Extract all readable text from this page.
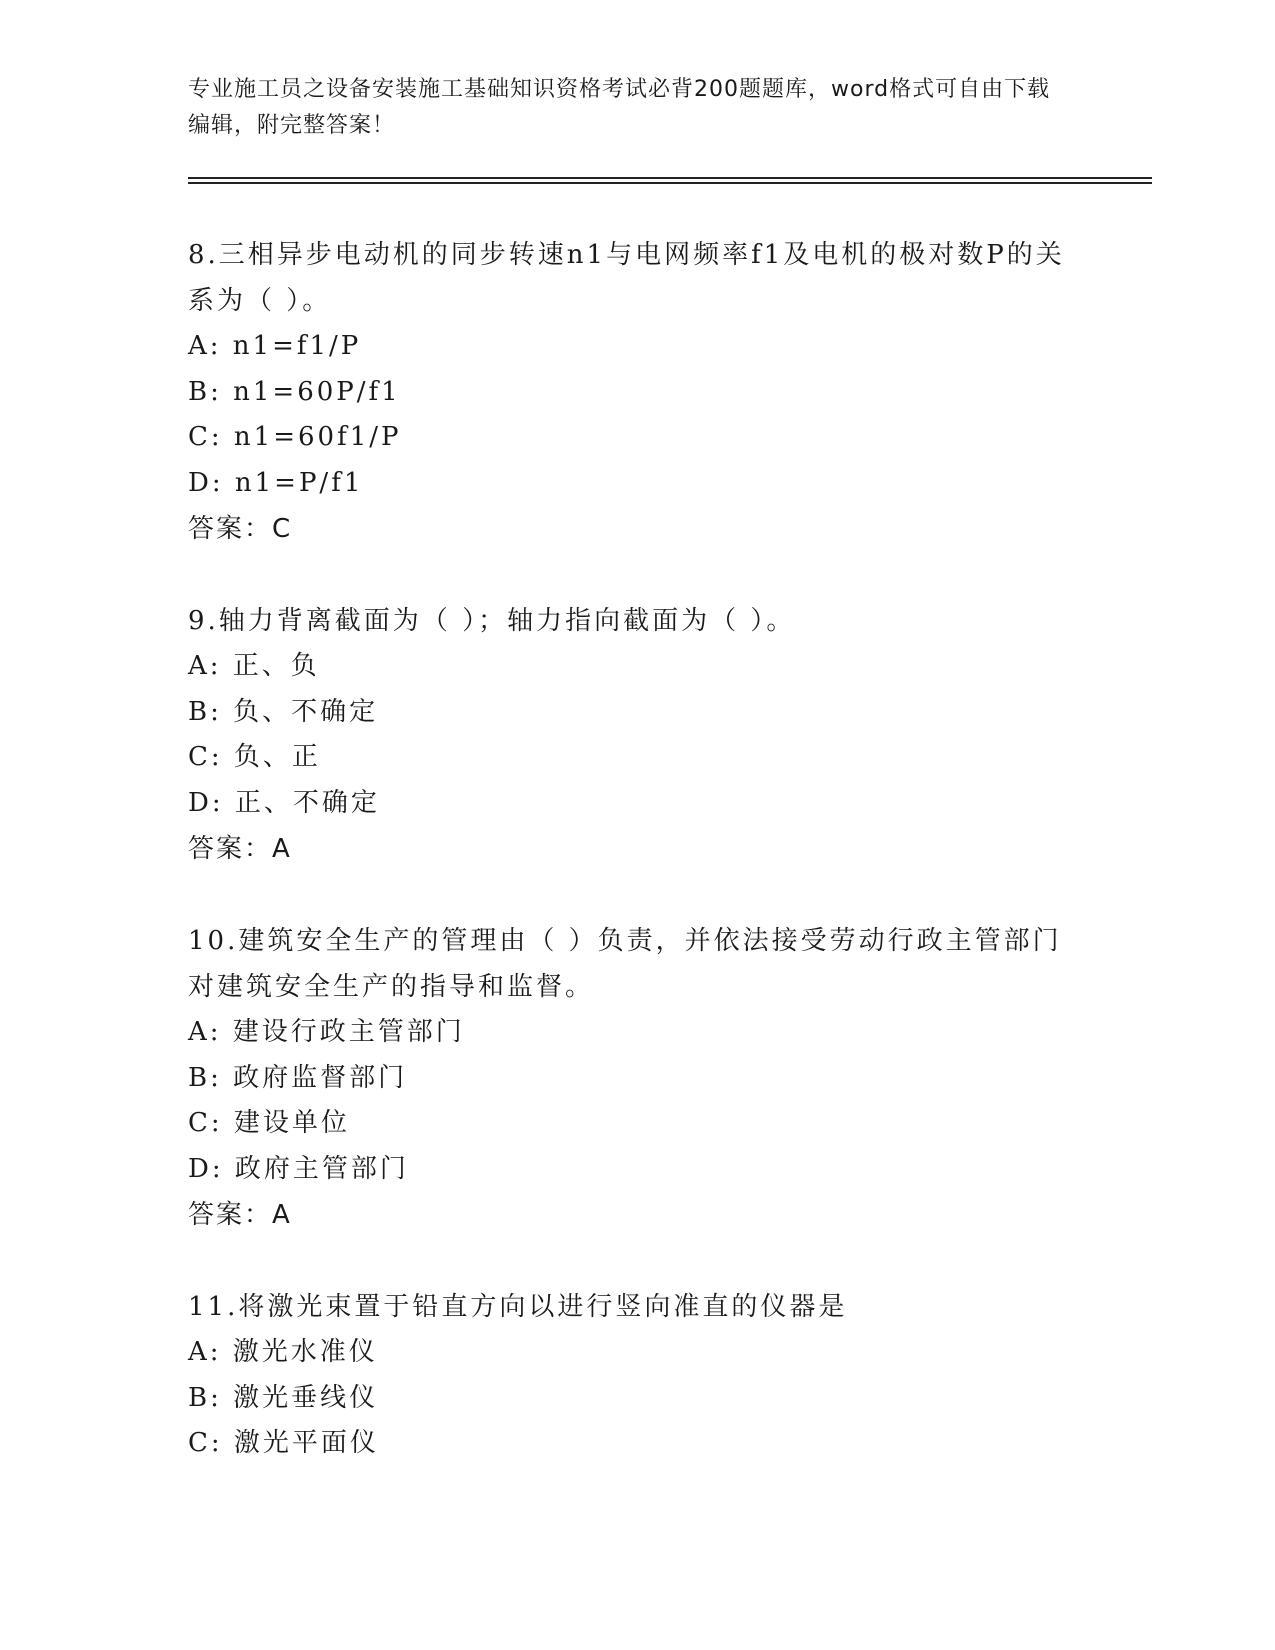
专业施工员之设备安装施工基础知识资格考试必背200题题库，word格式可自由下载编辑，附完整答案！

8.三相异步电动机的同步转速n1与电网频率f1及电机的极对数P的关系为（ ）。

A: n1=f1/P

B: n1=60P/f1

C: n1=60f1/P

D: n1=P/f1

答案：C

9.轴力背离截面为（ ）；轴力指向截面为（ ）。

A: 正、负

B: 负、不确定

C: 负、正

D: 正、不确定

答案：A

10.建筑安全生产的管理由（ ）负责，并依法接受劳动行政主管部门对建筑安全生产的指导和监督。

A: 建设行政主管部门

B: 政府监督部门

C: 建设单位

D: 政府主管部门

答案：A

11.将激光束置于铅直方向以进行竖向准直的仪器是

A: 激光水准仪

B: 激光垂线仪

C: 激光平面仪
